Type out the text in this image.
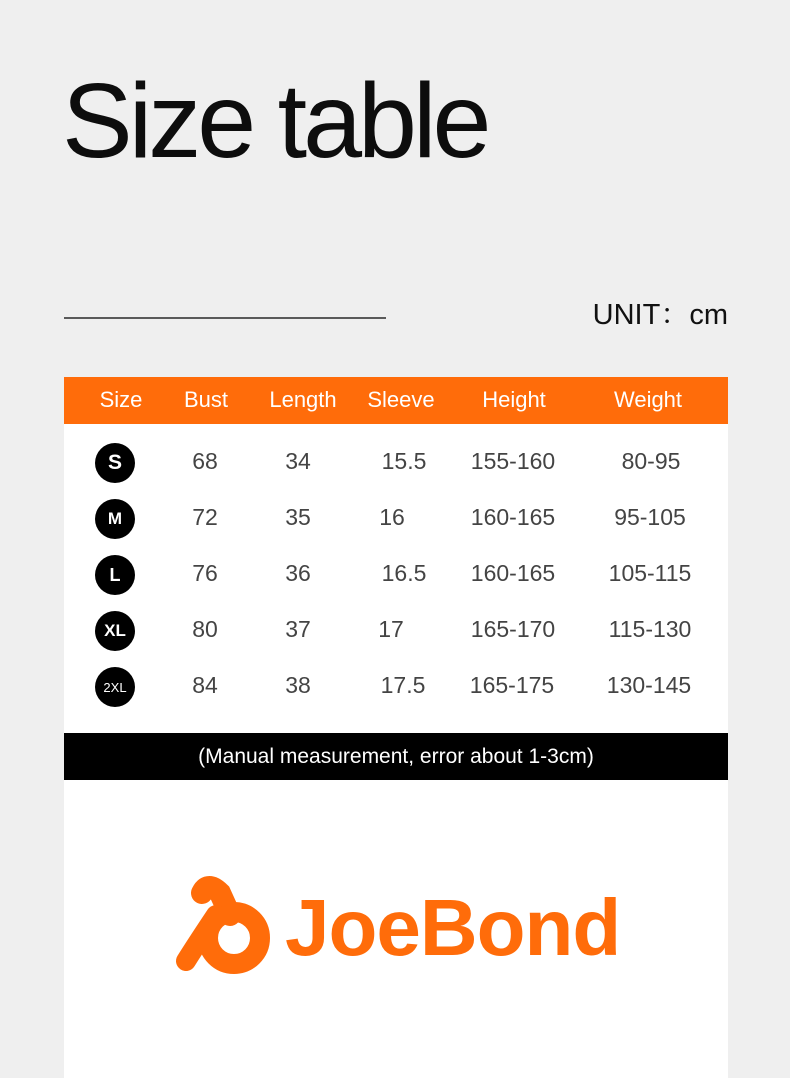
Size table
UNIT：cm
Size Bust Length Sleeve Height	Weight
S	68	34	15.5 155-160	80-95
M	72	35	16	160-165	95-105
L	76	36	16.5 160-165 105-115
XL	80	37	17	165-170 115-130
2XL	84	38	17.5 165-175 130-145
(Manual measurement, error about 1-3cm)
JoeBond
